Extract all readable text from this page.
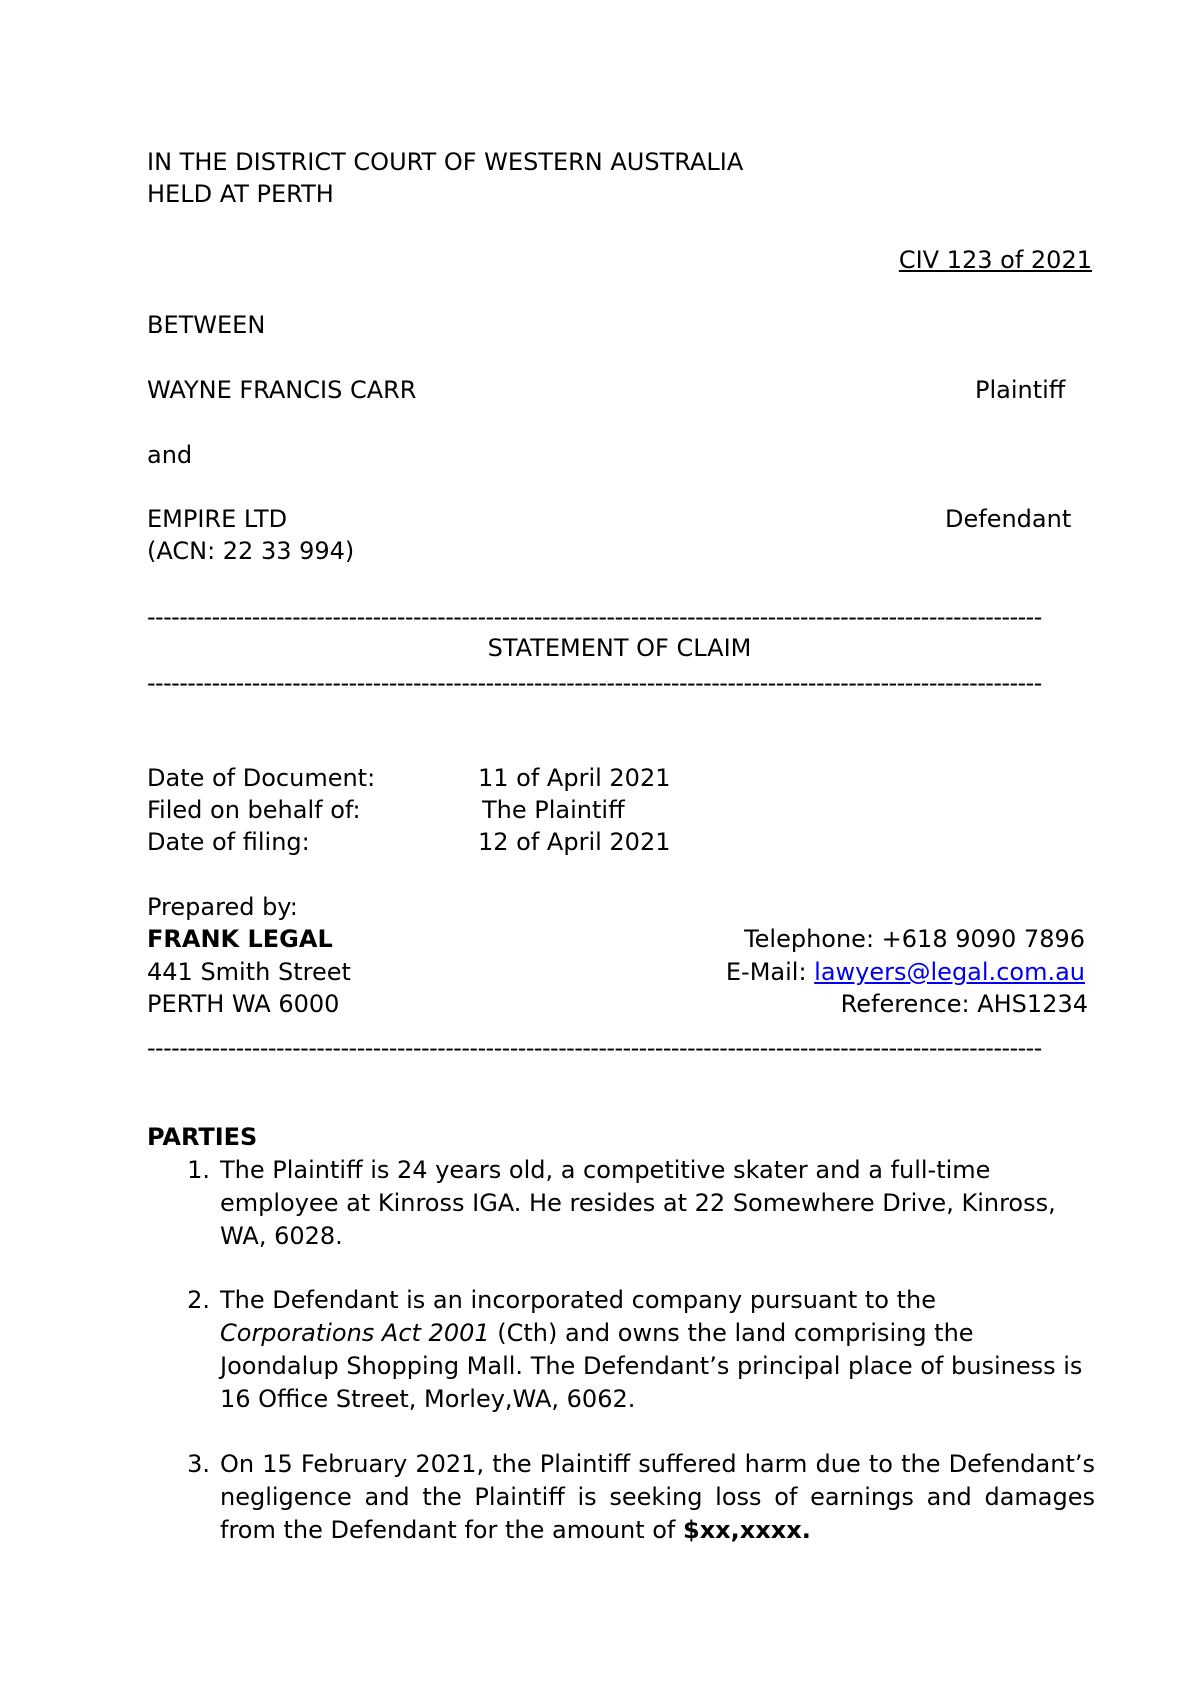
IN THE DISTRICT COURT OF WESTERN AUSTRALIA
HELD AT PERTH
CIV 123 of 2021
BETWEEN
WAYNE FRANCIS CARR	Plaintiff
and
EMPIRE LTD	Defendant
(ACN: 22 33 994)
---------------------------------------------------------------------------------------------------------------
STATEMENT OF CLAIM
---------------------------------------------------------------------------------------------------------------
Date of Document:	11 of April 2021
Filed on behalf of:	The Plaintiff
Date of filing:	12 of April 2021
Prepared by:
FRANK LEGAL
441 Smith Street
PERTH WA 6000
Telephone: +618 9090 7896
E-Mail: lawyers@legal.com.au
Reference: AHS1234
---------------------------------------------------------------------------------------------------------------
PARTIES
1. The Plaintiff is 24 years old, a competitive skater and a full-time employee at Kinross IGA. He resides at 22 Somewhere Drive, Kinross, WA, 6028.
2. The Defendant is an incorporated company pursuant to the Corporations Act 2001 (Cth) and owns the land comprising the Joondalup Shopping Mall. The Defendant’s principal place of business is 16 Office Street, Morley,WA, 6062.
3. On 15 February 2021, the Plaintiff suffered harm due to the Defendant’s negligence and the Plaintiff is seeking loss of earnings and damages from the Defendant for the amount of $xx,xxxx.
